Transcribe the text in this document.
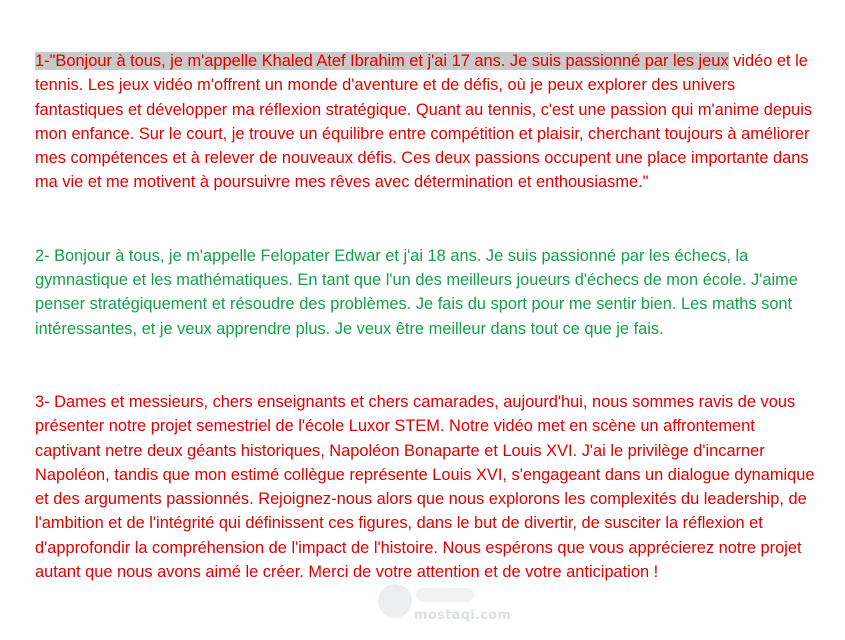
1-"Bonjour à tous, je m'appelle Khaled Atef Ibrahim et j'ai 17 ans. Je suis passionné par les jeux vidéo et le tennis. Les jeux vidéo m'offrent un monde d'aventure et de défis, où je peux explorer des univers fantastiques et développer ma réflexion stratégique. Quant au tennis, c'est une passion qui m'anime depuis mon enfance. Sur le court, je trouve un équilibre entre compétition et plaisir, cherchant toujours à améliorer mes compétences et à relever de nouveaux défis. Ces deux passions occupent une place importante dans ma vie et me motivent à poursuivre mes rêves avec détermination et enthousiasme."

2- Bonjour à tous, je m'appelle Felopater Edwar et j'ai 18 ans. Je suis passionné par les échecs, la gymnastique et les mathématiques. En tant que l'un des meilleurs joueurs d'échecs de mon école. J'aime penser stratégiquement et résoudre des problèmes. Je fais du sport pour me sentir bien. Les maths sont intéressantes, et je veux apprendre plus. Je veux être meilleur dans tout ce que je fais.

3- Dames et messieurs, chers enseignants et chers camarades, aujourd'hui, nous sommes ravis de vous présenter notre projet semestriel de l'école Luxor STEM. Notre vidéo met en scène un affrontement captivant netre deux géants historiques, Napoléon Bonaparte et Louis XVI. J'ai le privilège d'incarner Napoléon, tandis que mon estimé collègue représente Louis XVI, s'engageant dans un dialogue dynamique et des arguments passionnés. Rejoignez-nous alors que nous explorons les complexités du leadership, de l'ambition et de l'intégrité qui définissent ces figures, dans le but de divertir, de susciter la réflexion et d'approfondir la compréhension de l'impact de l'histoire. Nous espérons que vous apprécierez notre projet autant que nous avons aimé le créer. Merci de votre attention et de votre anticipation !

mostaqi.com
